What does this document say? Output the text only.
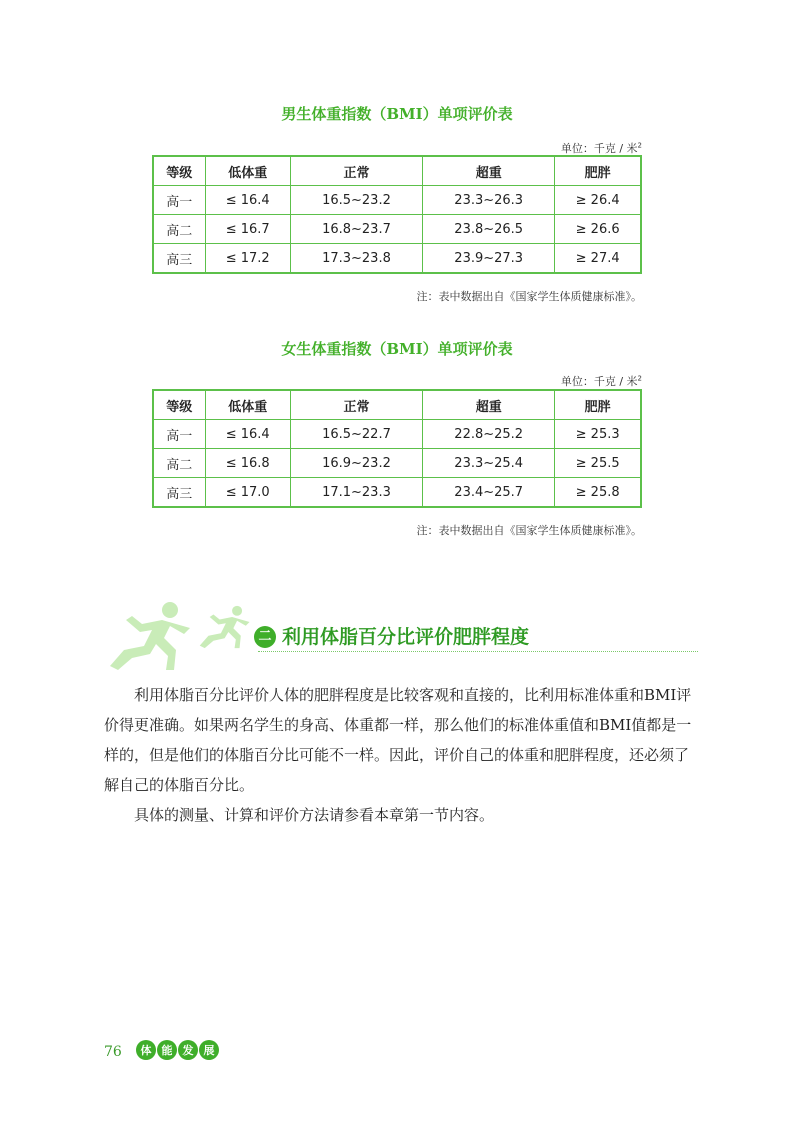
男生体重指数（BMI）单项评价表
单位：千克 / 米$^2$
等级	低体重	正常	超重	肥胖
高一	≤ 16.4	16.5~23.2	23.3~26.3	≥ 26.4
高二	≤ 16.7	16.8~23.7	23.8~26.5	≥ 26.6
高三	≤ 17.2	17.3~23.8	23.9~27.3	≥ 27.4
注：表中数据出自《国家学生体质健康标准》。
女生体重指数（BMI）单项评价表
单位：千克 / 米$^2$
等级	低体重	正常	超重	肥胖
高一	≤ 16.4	16.5~22.7	22.8~25.2	≥ 25.3
高二	≤ 16.8	16.9~23.2	23.3~25.4	≥ 25.5
高三	≤ 17.0	17.1~23.3	23.4~25.7	≥ 25.8
注：表中数据出自《国家学生体质健康标准》。
二 利用体脂百分比评价肥胖程度

利用体脂百分比评价人体的肥胖程度是比较客观和直接的，比利用标准体重和BMI评价得更准确。如果两名学生的身高、体重都一样，那么他们的标准体重值和BMI值都是一样的，但是他们的体脂百分比可能不一样。因此，评价自己的体重和肥胖程度，还必须了解自己的体脂百分比。

具体的测量、计算和评价方法请参看本章第一节内容。

76	体 能 发 展
